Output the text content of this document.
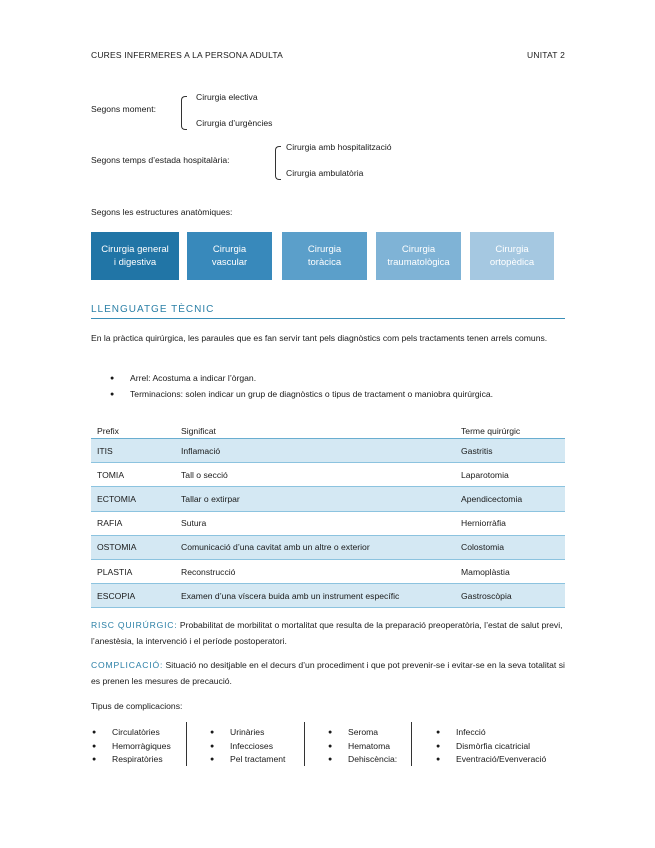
CURES INFERMERES A LA PERSONA ADULTA	UNITAT 2
Segons moment:
Cirurgia electiva
Cirurgia d’urgències
Segons temps d’estada hospitalària:
Cirurgia amb hospitalització
Cirurgia ambulatòria
Segons les estructures anatòmiques:
Cirurgia general
i digestiva
Cirurgia
vascular
Cirurgia
toràcica
Cirurgia
traumatològica
Cirurgia
ortopèdica
LLENGUATGE TÈCNIC
En la pràctica quirúrgica, les paraules que es fan servir tant pels diagnòstics com pels tractaments tenen arrels comuns.
● Arrel: Acostuma a indicar l’òrgan.
● Terminacions: solen indicar un grup de diagnòstics o tipus de tractament o maniobra quirúrgica.
Prefix	Significat	Terme quirúrgic
ITIS	Inflamació	Gastritis
TOMIA	Tall o secció	Laparotomia
ECTOMIA	Tallar o extirpar	Apendicectomia
RAFIA	Sutura	Herniorràfia
OSTOMIA	Comunicació d’una cavitat amb un altre o exterior	Colostomia
PLASTIA	Reconstrucció	Mamoplàstia
ESCOPIA	Examen d’una víscera buida amb un instrument específic	Gastroscòpia
RISC QUIRÚRGIC: Probabilitat de morbilitat o mortalitat que resulta de la preparació preoperatòria, l’estat de salut previ, l’anestèsia, la intervenció i el període postoperatori.
COMPLICACIÓ: Situació no desitjable en el decurs d’un procediment i que pot prevenir-se i evitar-se en la seva totalitat si es prenen les mesures de precaució.
Tipus de complicacions:
● Circulatòries
● Hemorràgiques
● Respiratòries
● Urinàries
● Infeccioses
● Pel tractament
● Seroma
● Hematoma
● Dehiscència:
● Infecció
● Dismòrfia cicatricial
● Eventració/Evenveració
